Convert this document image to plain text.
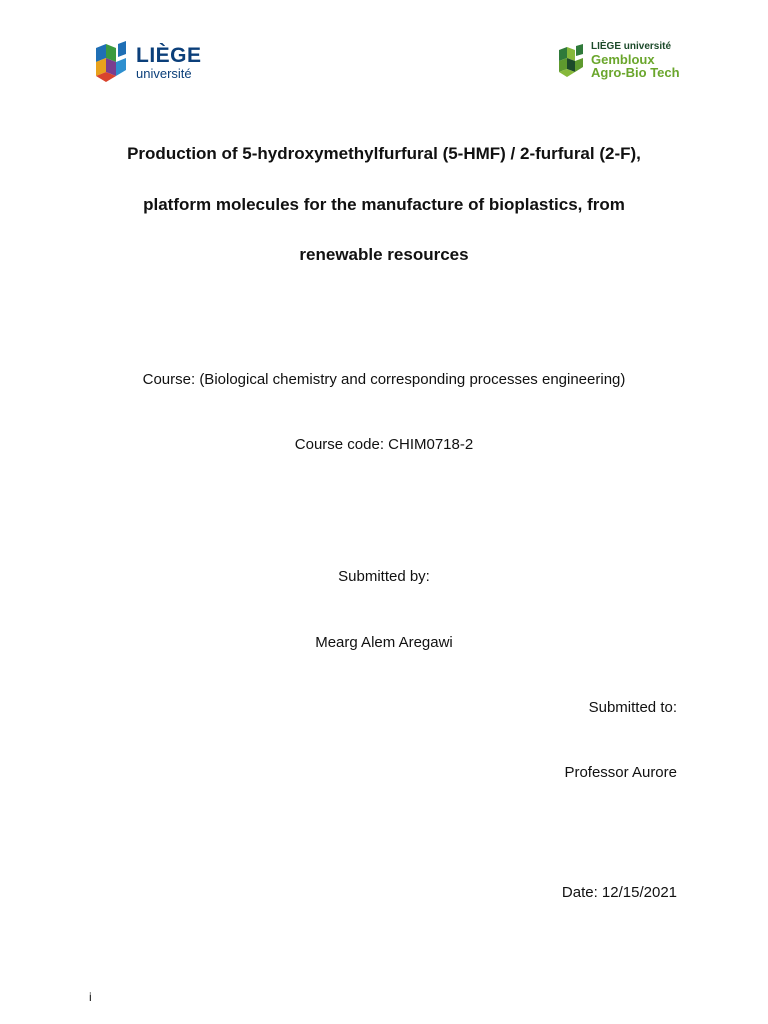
LIÈGE
université
LIÈGE université
Gembloux
Agro-Bio Tech
Production of 5-hydroxymethylfurfural (5-HMF) / 2-furfural (2-F),
platform molecules for the manufacture of bioplastics, from
renewable resources
Course: (Biological chemistry and corresponding processes engineering)
Course code: CHIM0718-2
Submitted by:
Mearg Alem Aregawi
Submitted to:
Professor Aurore
Date: 12/15/2021
i
